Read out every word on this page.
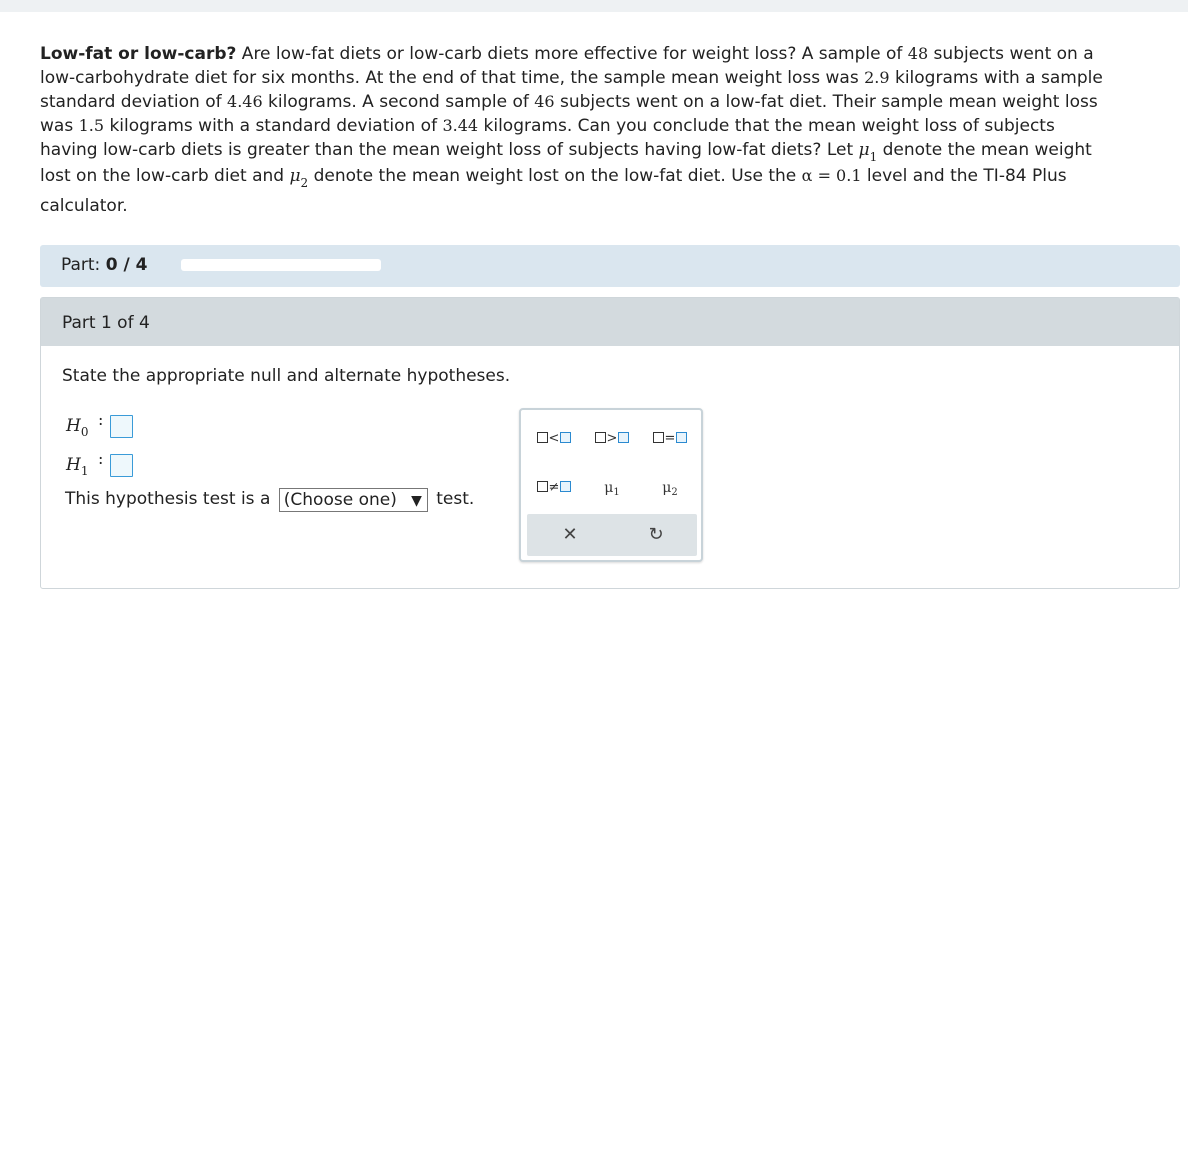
Low-fat or low-carb? Are low-fat diets or low-carb diets more effective for weight loss? A sample of 48 subjects went on a
low-carbohydrate diet for six months. At the end of that time, the sample mean weight loss was 2.9 kilograms with a sample
standard deviation of 4.46 kilograms. A second sample of 46 subjects went on a low-fat diet. Their sample mean weight loss
was 1.5 kilograms with a standard deviation of 3.44 kilograms. Can you conclude that the mean weight loss of subjects
having low-carb diets is greater than the mean weight loss of subjects having low-fat diets? Let $\mu_1$ denote the mean weight
lost on the low-carb diet and $\mu_2$ denote the mean weight lost on the low-fat diet. Use the α = 0.1 level and the TI-84 Plus
calculator.
Part: 0 / 4
Part 1 of 4
State the appropriate null and alternate hypotheses.
$H_0$
:
$H_1$
:
This hypothesis test is a (Choose one) ▼ test.
<	>	=
≠	$\mu_1$	$\mu_2$
✕	↻
